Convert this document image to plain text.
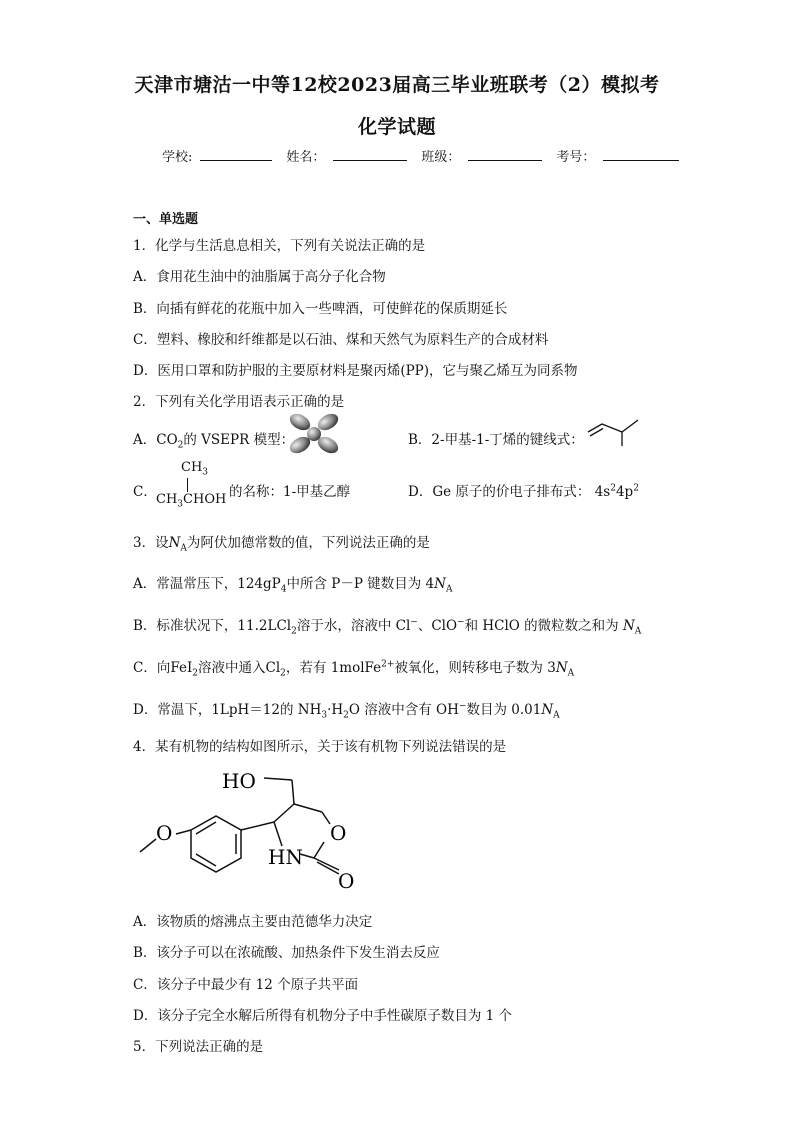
天津市塘沽一中等12校2023届高三毕业班联考（2）模拟考
化学试题
学校:	姓名：	班级：	考号：
一、单选题
1．化学与生活息息相关，下列有关说法正确的是
A．食用花生油中的油脂属于高分子化合物
B．向插有鲜花的花瓶中加入一些啤酒，可使鲜花的保质期延长
C．塑料、橡胶和纤维都是以石油、煤和天然气为原料生产的合成材料
D．医用口罩和防护服的主要原材料是聚丙烯(PP)，它与聚乙烯互为同系物
2．下列有关化学用语表示正确的是
A．$CO_2$的 VSEPR 模型：	B．2-甲基-1-丁烯的键线式：
C．
$CH_3$
$CH_3CHOH$ 的名称：1-甲基乙醇	D．Ge 原子的价电子排布式： $4s^24p^2$
3．设$N_A$为阿伏加德常数的值，下列说法正确的是
A．常温常压下，$124gP_4$中所含 P－P 键数目为 $4N_A$
B．标准状况下，11.2LCl$_2$溶于水，溶液中 Cl−、ClO−和 HClO 的微粒数之和为 $N_A$
C．向FeI$_2$溶液中通入$Cl_2$，若有 1molFe$^{2+}$被氧化，则转移电子数为 $3N_A$
D．常温下，1LpH＝12的 $NH_3\cdot H_2O$ 溶液中含有 OH−数目为 $0.01N_A$
4．某有机物的结构如图所示，关于该有机物下列说法错误的是
O
HO
O
HN
O
A．该物质的熔沸点主要由范德华力决定
B．该分子可以在浓硫酸、加热条件下发生消去反应
C．该分子中最少有 12 个原子共平面
D．该分子完全水解后所得有机物分子中手性碳原子数目为 1 个
5．下列说法正确的是
